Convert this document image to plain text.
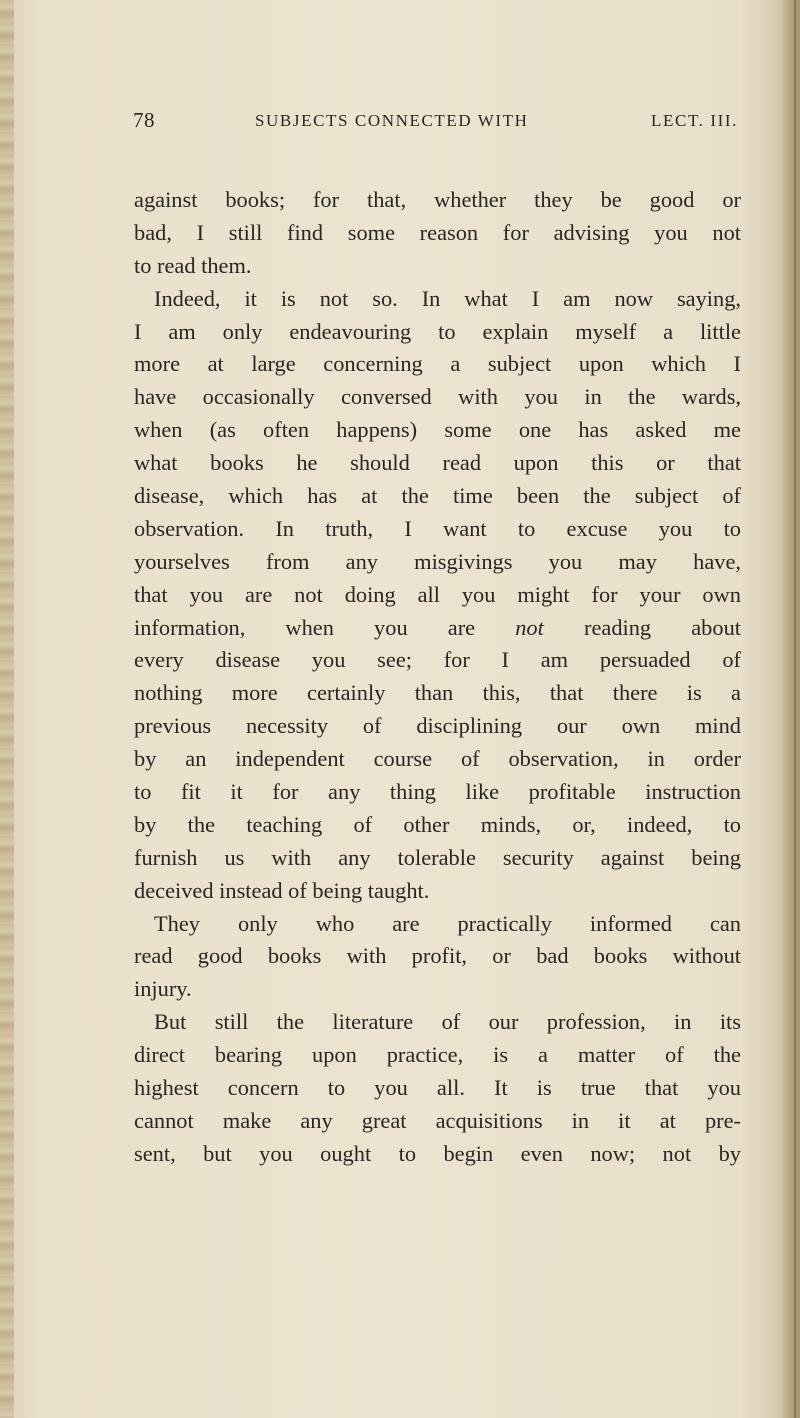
78	SUBJECTS CONNECTED WITH	LECT. III.
against books; for that, whether they be good or
bad, I still find some reason for advising you not
to read them.
Indeed, it is not so. In what I am now saying,
I am only endeavouring to explain myself a little
more at large concerning a subject upon which I
have occasionally conversed with you in the wards,
when (as often happens) some one has asked me
what books he should read upon this or that
disease, which has at the time been the subject of
observation. In truth, I want to excuse you to
yourselves from any misgivings you may have,
that you are not doing all you might for your own
information, when you are not reading about
every disease you see; for I am persuaded of
nothing more certainly than this, that there is a
previous necessity of disciplining our own mind
by an independent course of observation, in order
to fit it for any thing like profitable instruction
by the teaching of other minds, or, indeed, to
furnish us with any tolerable security against being
deceived instead of being taught.
They only who are practically informed can
read good books with profit, or bad books without
injury.
But still the literature of our profession, in its
direct bearing upon practice, is a matter of the
highest concern to you all. It is true that you
cannot make any great acquisitions in it at pre-
sent, but you ought to begin even now; not by
